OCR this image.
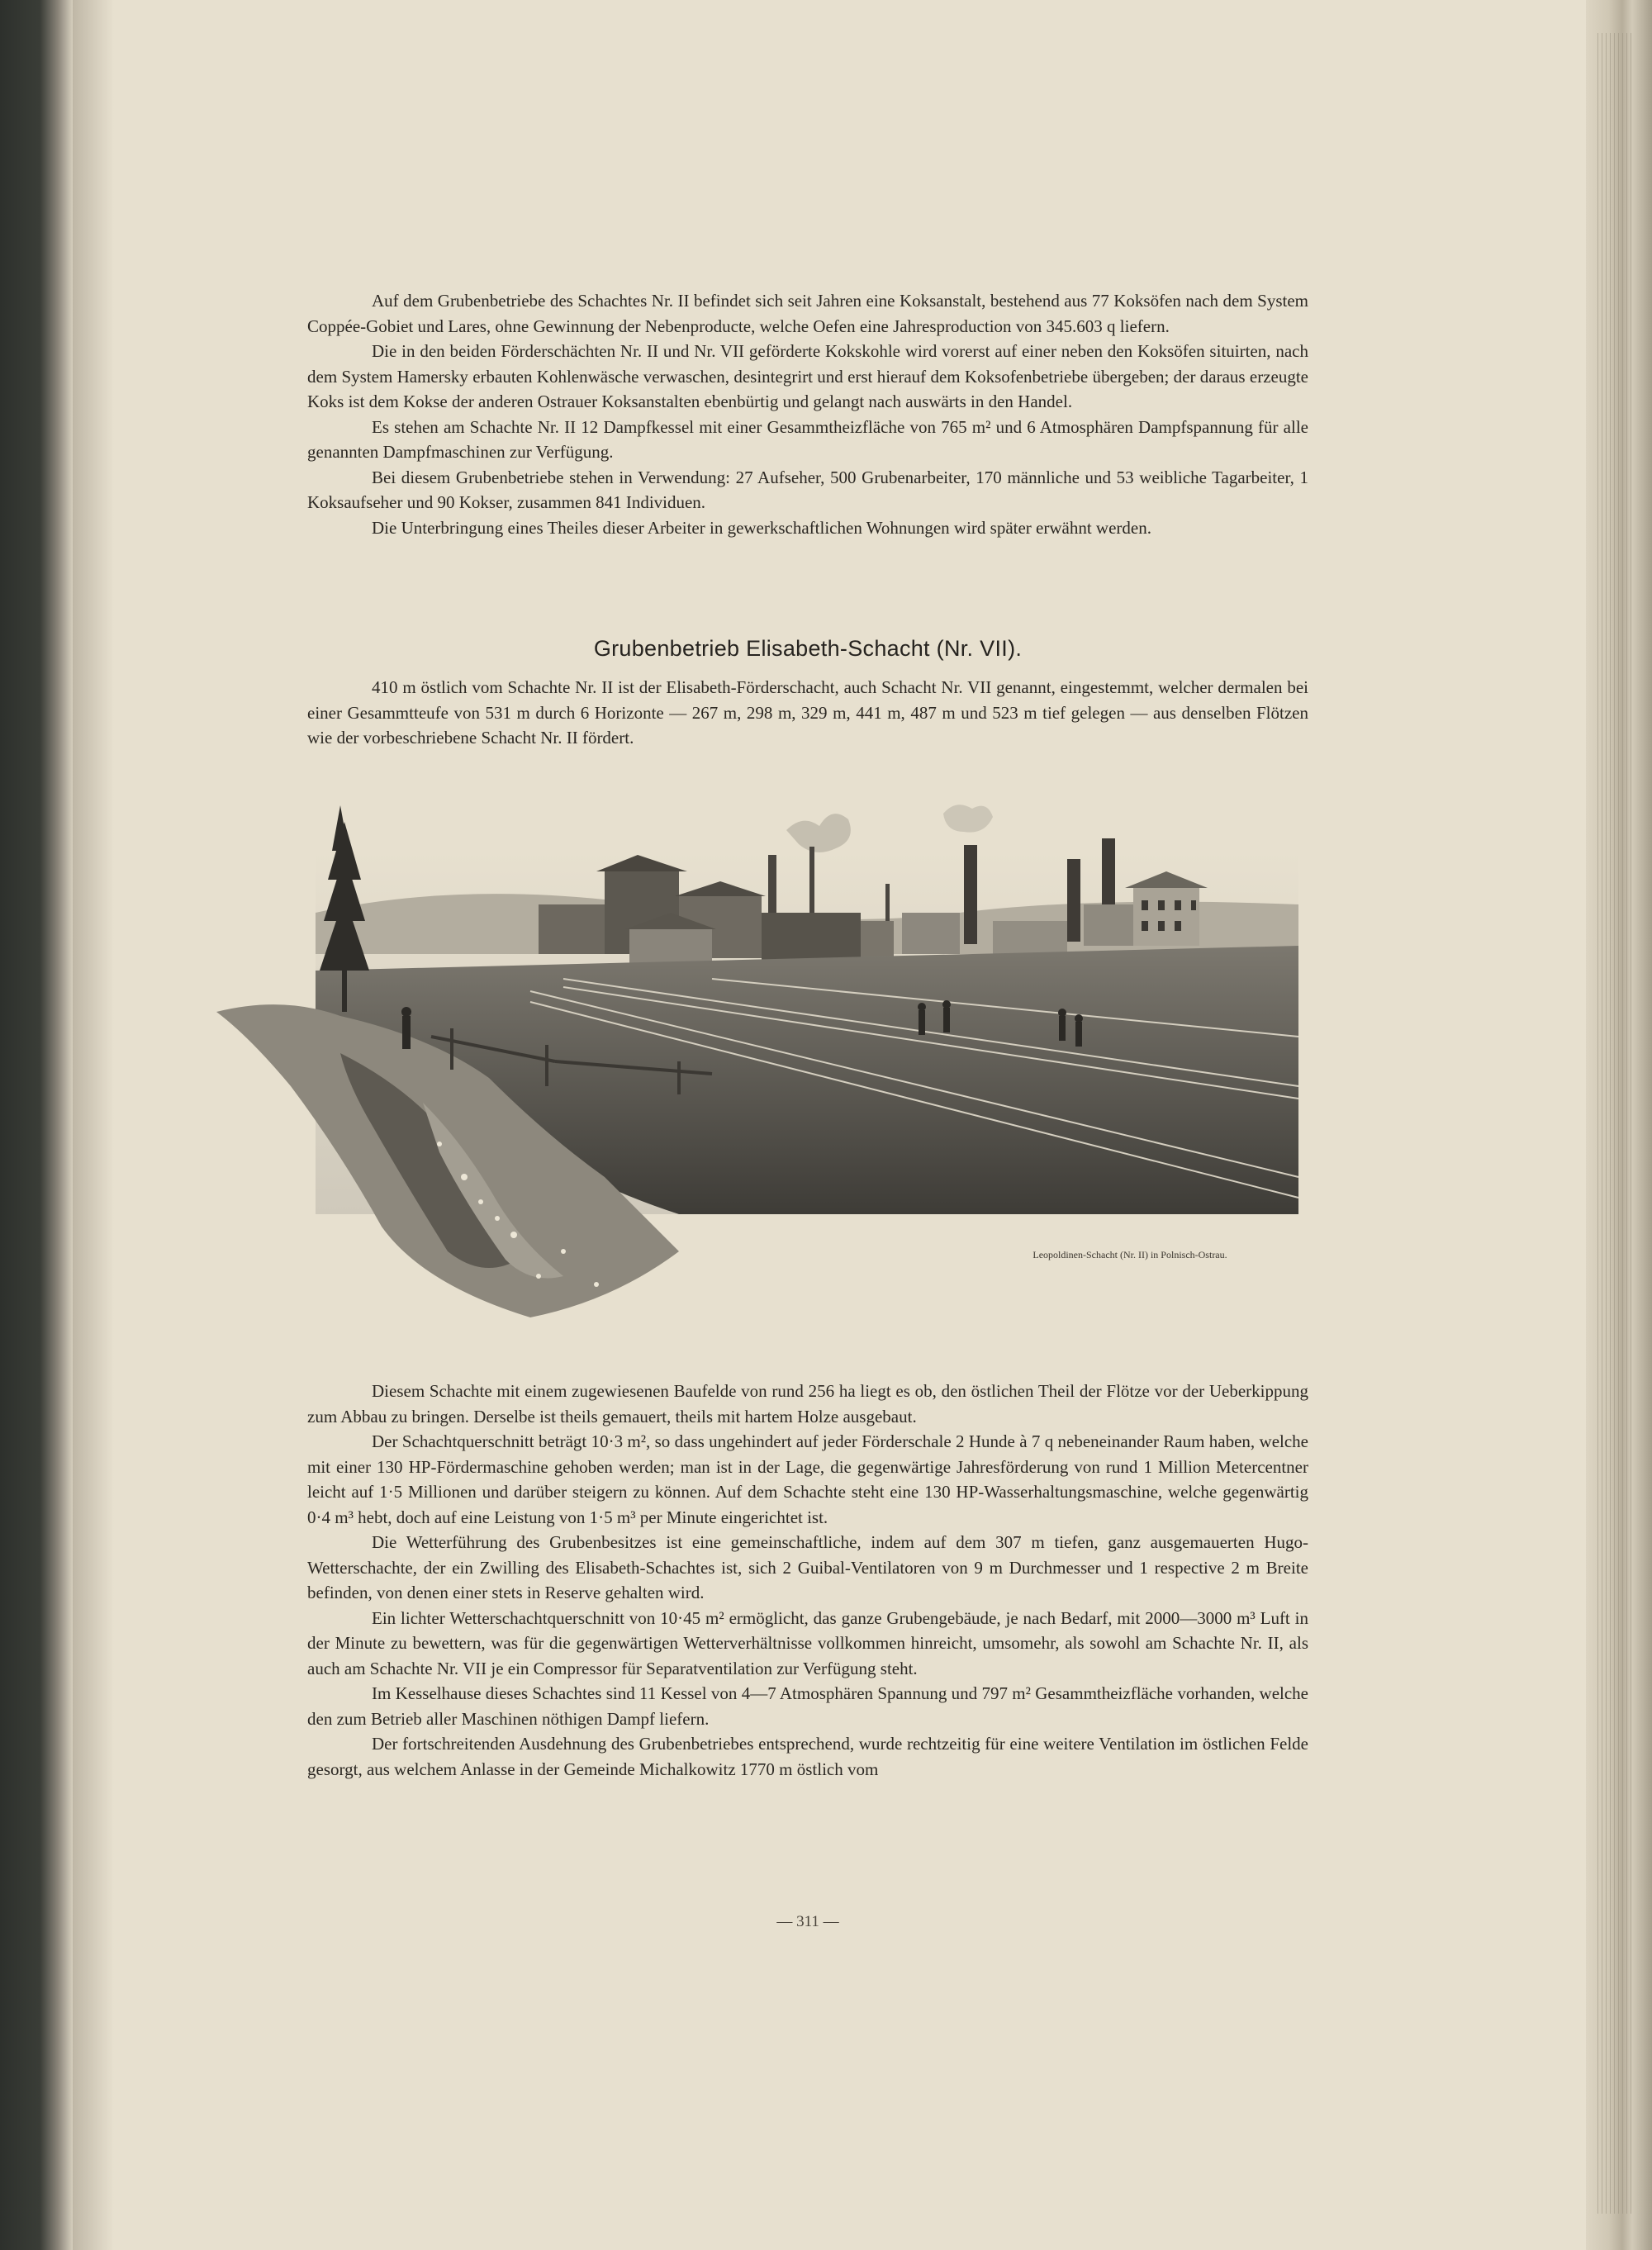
Auf dem Grubenbetriebe des Schachtes Nr. II befindet sich seit Jahren eine Koksanstalt, bestehend aus 77 Koksöfen nach dem System Coppée-Gobiet und Lares, ohne Gewinnung der Nebenproducte, welche Oefen eine Jahresproduction von 345.603 q liefern.

Die in den beiden Förderschächten Nr. II und Nr. VII geförderte Kokskohle wird vorerst auf einer neben den Koksöfen situirten, nach dem System Hamersky erbauten Kohlenwäsche verwaschen, desintegrirt und erst hierauf dem Koksofenbetriebe übergeben; der daraus erzeugte Koks ist dem Kokse der anderen Ostrauer Koksanstalten ebenbürtig und gelangt nach auswärts in den Handel.

Es stehen am Schachte Nr. II 12 Dampfkessel mit einer Gesammtheizfläche von 765 m² und 6 Atmosphären Dampfspannung für alle genannten Dampfmaschinen zur Verfügung.

Bei diesem Grubenbetriebe stehen in Verwendung: 27 Aufseher, 500 Grubenarbeiter, 170 männliche und 53 weibliche Tagarbeiter, 1 Koksaufseher und 90 Kokser, zusammen 841 Individuen.

Die Unterbringung eines Theiles dieser Arbeiter in gewerkschaftlichen Wohnungen wird später erwähnt werden.

Grubenbetrieb Elisabeth-Schacht (Nr. VII).

410 m östlich vom Schachte Nr. II ist der Elisabeth-Förderschacht, auch Schacht Nr. VII genannt, eingestemmt, welcher dermalen bei einer Gesammtteufe von 531 m durch 6 Horizonte — 267 m, 298 m, 329 m, 441 m, 487 m und 523 m tief gelegen — aus denselben Flötzen wie der vorbeschriebene Schacht Nr. II fördert.

Leopoldinen-Schacht (Nr. II) in Polnisch-Ostrau.

Diesem Schachte mit einem zugewiesenen Baufelde von rund 256 ha liegt es ob, den östlichen Theil der Flötze vor der Ueberkippung zum Abbau zu bringen. Derselbe ist theils gemauert, theils mit hartem Holze ausgebaut.

Der Schachtquerschnitt beträgt 10·3 m², so dass ungehindert auf jeder Förderschale 2 Hunde à 7 q nebeneinander Raum haben, welche mit einer 130 HP-Fördermaschine gehoben werden; man ist in der Lage, die gegenwärtige Jahresförderung von rund 1 Million Metercentner leicht auf 1·5 Millionen und darüber steigern zu können. Auf dem Schachte steht eine 130 HP-Wasserhaltungsmaschine, welche gegenwärtig 0·4 m³ hebt, doch auf eine Leistung von 1·5 m³ per Minute eingerichtet ist.

Die Wetterführung des Grubenbesitzes ist eine gemeinschaftliche, indem auf dem 307 m tiefen, ganz ausgemauerten Hugo-Wetterschachte, der ein Zwilling des Elisabeth-Schachtes ist, sich 2 Guibal-Ventilatoren von 9 m Durchmesser und 1 respective 2 m Breite befinden, von denen einer stets in Reserve gehalten wird.

Ein lichter Wetterschachtquerschnitt von 10·45 m² ermöglicht, das ganze Grubengebäude, je nach Bedarf, mit 2000—3000 m³ Luft in der Minute zu bewettern, was für die gegenwärtigen Wetterverhältnisse vollkommen hinreicht, umsomehr, als sowohl am Schachte Nr. II, als auch am Schachte Nr. VII je ein Compressor für Separatventilation zur Verfügung steht.

Im Kesselhause dieses Schachtes sind 11 Kessel von 4—7 Atmosphären Spannung und 797 m² Gesammtheizfläche vorhanden, welche den zum Betrieb aller Maschinen nöthigen Dampf liefern.

Der fortschreitenden Ausdehnung des Grubenbetriebes entsprechend, wurde rechtzeitig für eine weitere Ventilation im östlichen Felde gesorgt, aus welchem Anlasse in der Gemeinde Michalkowitz 1770 m östlich vom

— 311 —
